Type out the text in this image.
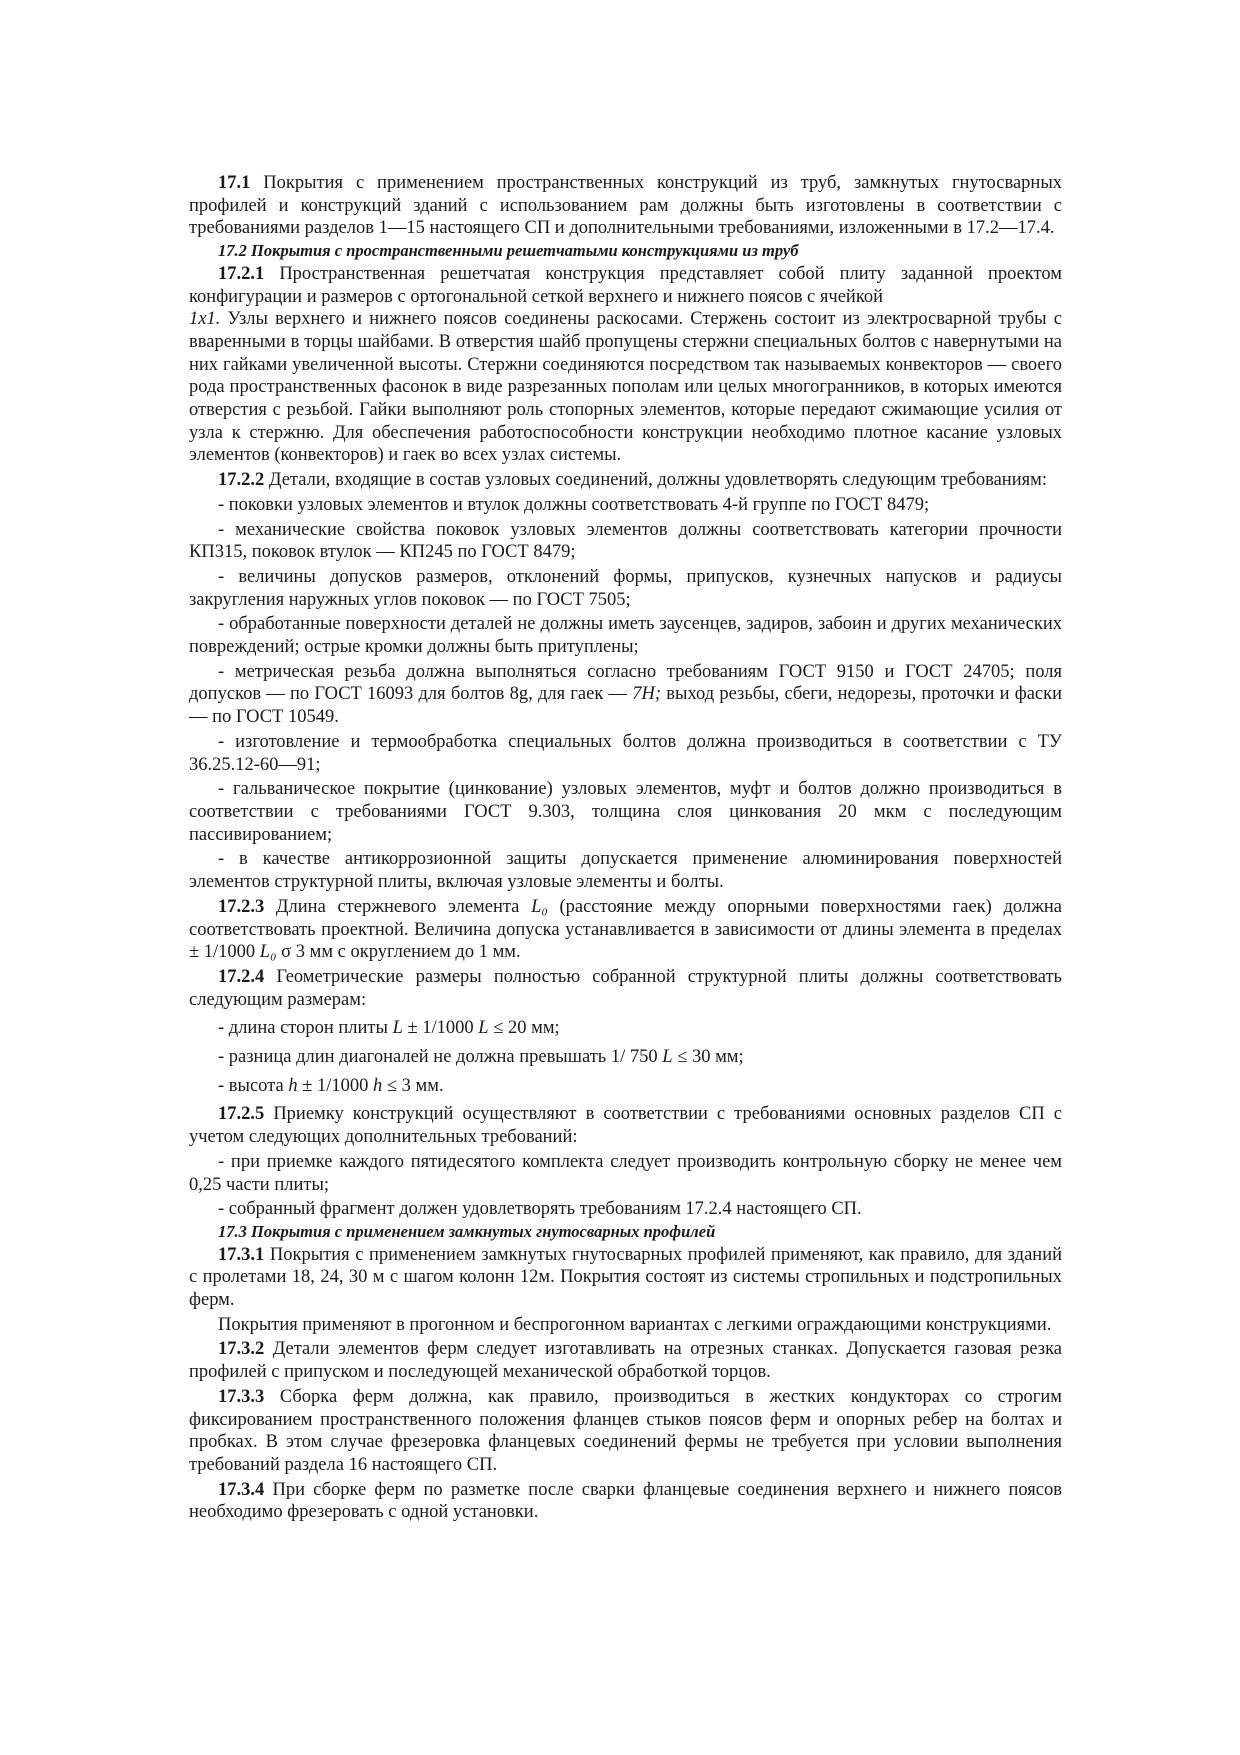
17.1 Покрытия с применением пространственных конструкций из труб, замкнутых гнутосварных профилей и конструкций зданий с использованием рам должны быть изготовлены в соответствии с требованиями разделов 1—15 настоящего СП и дополнительными требованиями, изложенными в 17.2—17.4.

17.2 Покрытия с пространственными решетчатыми конструкциями из труб

17.2.1 Пространственная решетчатая конструкция представляет собой плиту заданной проектом конфигурации и размеров с ортогональной сеткой верхнего и нижнего поясов с ячейкой
1х1. Узлы верхнего и нижнего поясов соединены раскосами. Стержень состоит из электросварной трубы с вваренными в торцы шайбами. В отверстия шайб пропущены стержни специальных болтов с навернутыми на них гайками увеличенной высоты. Стержни соединяются посредством так называемых конвекторов — своего рода пространственных фасонок в виде разрезанных пополам или целых многогранников, в которых имеются отверстия с резьбой. Гайки выполняют роль стопорных элементов, которые передают сжимающие усилия от узла к стержню. Для обеспечения работоспособности конструкции необходимо плотное касание узловых элементов (конвекторов) и гаек во всех узлах системы.

17.2.2 Детали, входящие в состав узловых соединений, должны удовлетворять следующим требованиям:

- поковки узловых элементов и втулок должны соответствовать 4-й группе по ГОСТ 8479;

- механические свойства поковок узловых элементов должны соответствовать категории прочности КП315, поковок втулок — КП245 по ГОСТ 8479;

- величины допусков размеров, отклонений формы, припусков, кузнечных напусков и радиусы закругления наружных углов поковок — по ГОСТ 7505;

- обработанные поверхности деталей не должны иметь заусенцев, задиров, забоин и других механических повреждений; острые кромки должны быть притуплены;

- метрическая резьба должна выполняться согласно требованиям ГОСТ 9150 и ГОСТ 24705; поля допусков — по ГОСТ 16093 для болтов 8g, для гаек — 7H; выход резьбы, сбеги, недорезы, проточки и фаски — по ГОСТ 10549.

- изготовление и термообработка специальных болтов должна производиться в соответствии с ТУ 36.25.12-60—91;

- гальваническое покрытие (цинкование) узловых элементов, муфт и болтов должно производиться в соответствии с требованиями ГОСТ 9.303, толщина слоя цинкования 20 мкм с последующим пассивированием;

- в качестве антикоррозионной защиты допускается применение алюминирования поверхностей элементов структурной плиты, включая узловые элементы и болты.

17.2.3 Длина стержневого элемента L₀ (расстояние между опорными поверхностями гаек) должна соответствовать проектной. Величина допуска устанавливается в зависимости от длины элемента в пределах ± 1/1000 L₀ σ 3 мм с округлением до 1 мм.

17.2.4 Геометрические размеры полностью собранной структурной плиты должны соответствовать следующим размерам:

- длина сторон плиты L ± 1/1000 L ≤ 20 мм;

- разница длин диагоналей не должна превышать 1/ 750 L ≤ 30 мм;

- высота h ± 1/1000 h ≤ 3 мм.

17.2.5 Приемку конструкций осуществляют в соответствии с требованиями основных разделов СП с учетом следующих дополнительных требований:

- при приемке каждого пятидесятого комплекта следует производить контрольную сборку не менее чем 0,25 части плиты;

- собранный фрагмент должен удовлетворять требованиям 17.2.4 настоящего СП.

17.3 Покрытия с применением замкнутых гнутосварных профилей

17.3.1 Покрытия с применением замкнутых гнутосварных профилей применяют, как правило, для зданий с пролетами 18, 24, 30 м с шагом колонн 12м. Покрытия состоят из системы стропильных и подстропильных ферм.

Покрытия применяют в прогонном и беспрогонном вариантах с легкими ограждающими конструкциями.

17.3.2 Детали элементов ферм следует изготавливать на отрезных станках. Допускается газовая резка профилей с припуском и последующей механической обработкой торцов.

17.3.3 Сборка ферм должна, как правило, производиться в жестких кондукторах со строгим фиксированием пространственного положения фланцев стыков поясов ферм и опорных ребер на болтах и пробках. В этом случае фрезеровка фланцевых соединений фермы не требуется при условии выполнения требований раздела 16 настоящего СП.

17.3.4 При сборке ферм по разметке после сварки фланцевые соединения верхнего и нижнего поясов необходимо фрезеровать с одной установки.
